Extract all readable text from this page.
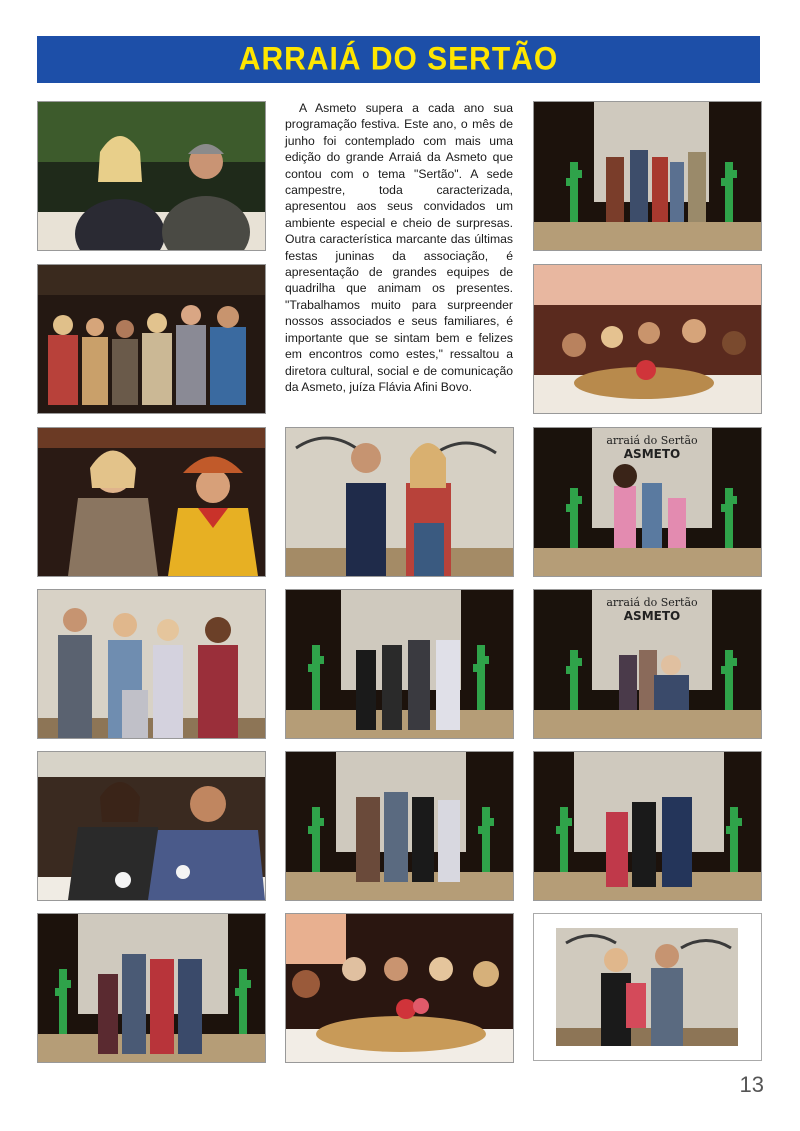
ARRAIÁ DO SERTÃO

A Asmeto supera a cada ano sua programação festiva. Este ano, o mês de junho foi contemplado com mais uma edição do grande Arraiá da Asmeto que contou com o tema "Sertão". A sede campestre, toda caracterizada, apresentou aos seus convidados um ambiente especial e cheio de surpresas. Outra característica marcante das últimas festas juninas da associação, é apresentação de grandes equipes de quadrilha que animam os presentes. "Trabalhamos muito para surpreender nossos associados e seus familiares, é importante que se sintam bem e felizes em encontros como estes," ressaltou a diretora cultural, social e de comunicação da Asmeto, juíza Flávia Afini Bovo.

arraiá do Sertão
ASMETO
arraiá do Sertão
ASMETO
13
